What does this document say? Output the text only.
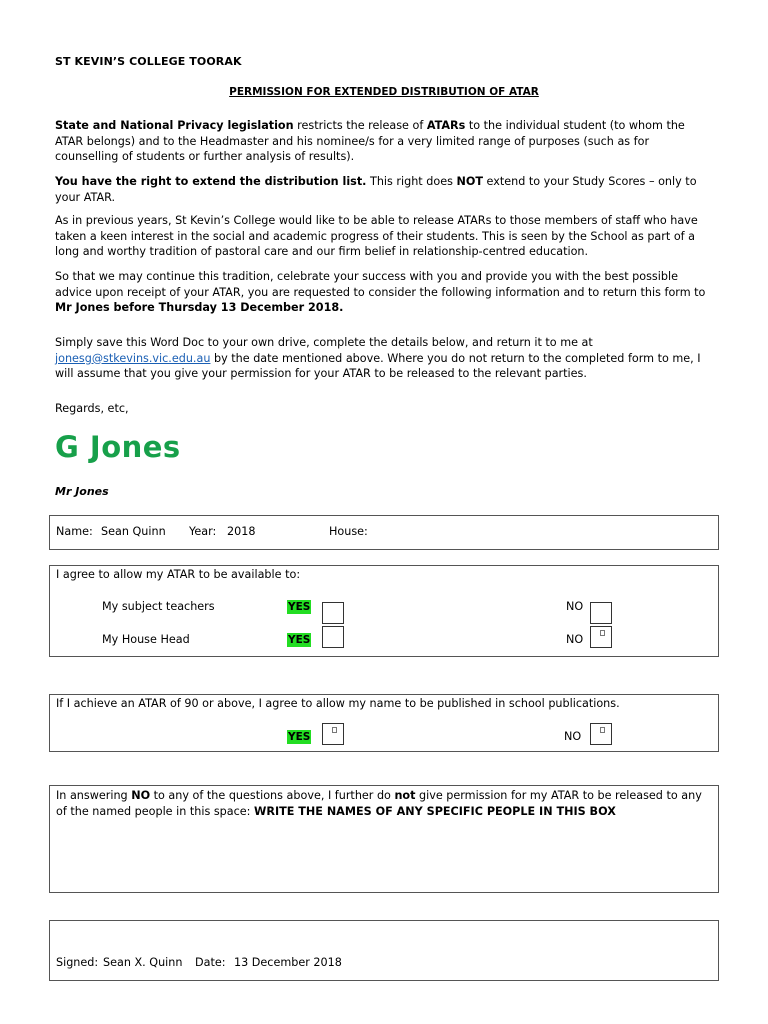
ST KEVIN’S COLLEGE TOORAK
PERMISSION FOR EXTENDED DISTRIBUTION OF ATAR
State and National Privacy legislation restricts the release of ATARs to the individual student (to whom the ATAR belongs) and to the Headmaster and his nominee/s for a very limited range of purposes (such as for counselling of students or further analysis of results).
You have the right to extend the distribution list. This right does NOT extend to your Study Scores – only to your ATAR.
As in previous years, St Kevin’s College would like to be able to release ATARs to those members of staff who have taken a keen interest in the social and academic progress of their students. This is seen by the School as part of a long and worthy tradition of pastoral care and our firm belief in relationship-centred education.
So that we may continue this tradition, celebrate your success with you and provide you with the best possible advice upon receipt of your ATAR, you are requested to consider the following information and to return this form to Mr Jones before Thursday 13 December 2018.
Simply save this Word Doc to your own drive, complete the details below, and return it to me at jonesg@stkevins.vic.edu.au by the date mentioned above. Where you do not return to the completed form to me, I will assume that you give your permission for your ATAR to be released to the relevant parties.
Regards, etc,
G Jones
Mr Jones
Name: Sean Quinn Year: 2018	House:
I agree to allow my ATAR to be available to:
My subject teachers	YES	NO
My House Head	YES	NO
If I achieve an ATAR of 90 or above, I agree to allow my name to be published in school publications.
YES	NO
In answering NO to any of the questions above, I further do not give permission for my ATAR to be released to any of the named people in this space: WRITE THE NAMES OF ANY SPECIFIC PEOPLE IN THIS BOX
Signed: Sean X. Quinn Date: 13 December 2018
